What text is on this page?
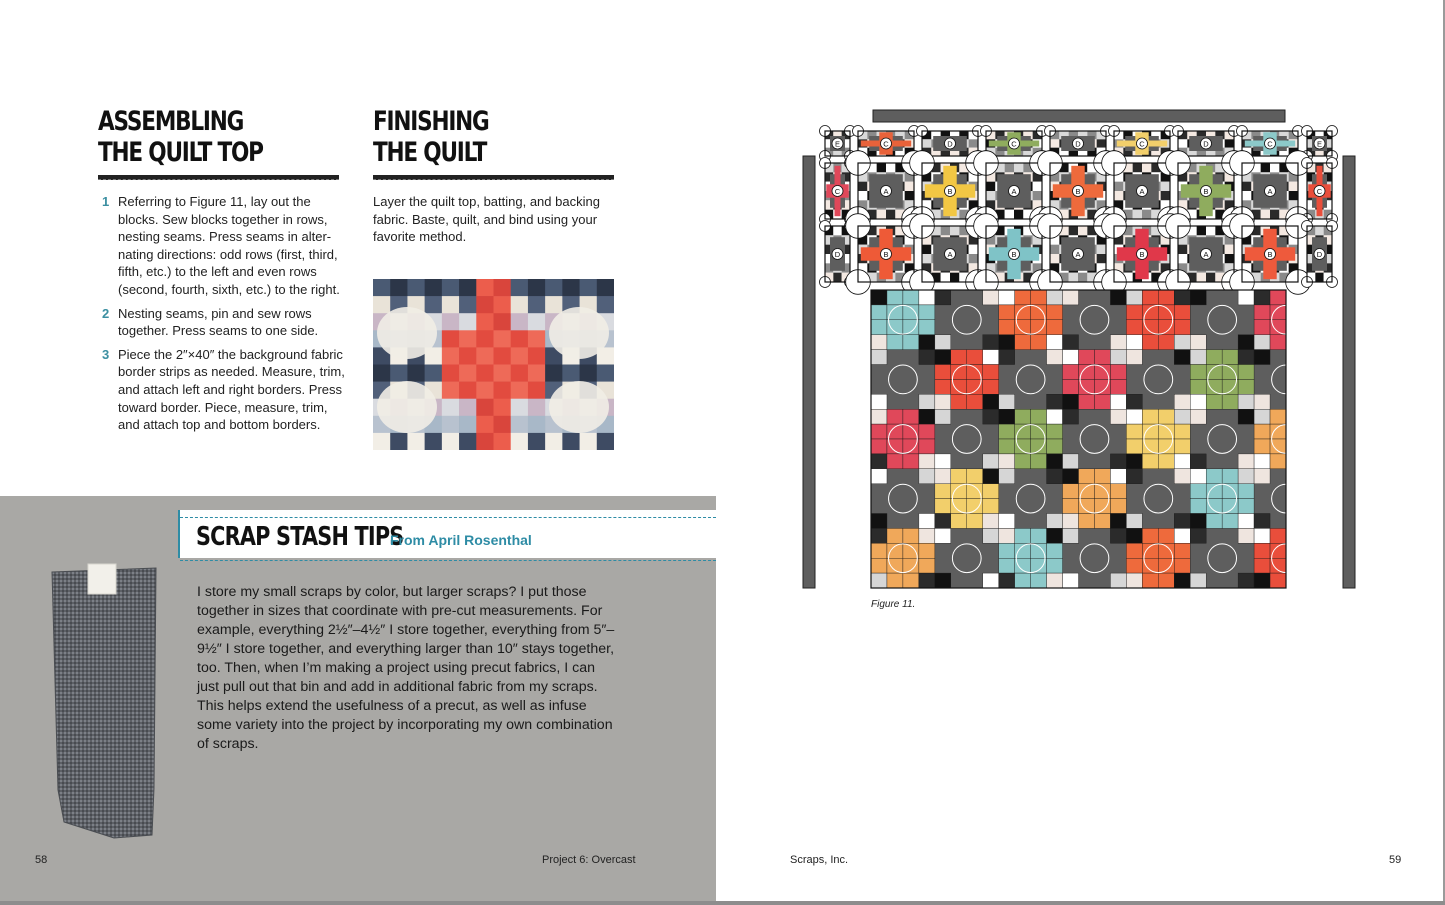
ASSEMBLING
THE QUILT TOP
1 Referring to Figure 11, lay out the blocks. Sew blocks together in rows, nesting seams. Press seams in alter-nating directions: odd rows (first, third, fifth, etc.) to the left and even rows (second, fourth, sixth, etc.) to the right.
2 Nesting seams, pin and sew rows together. Press seams to one side.
3 Piece the 2″×40″ the background fabric border strips as needed. Measure, trim, and attach left and right borders. Press toward border. Piece, measure, trim, and attach top and bottom borders.
FINISHING
THE QUILT
Layer the quilt top, batting, and backing fabric. Baste, quilt, and bind using your favorite method.
SCRAP STASH TIPS
From April Rosenthal
I store my small scraps by color, but larger scraps? I put those together in sizes that coordinate with pre-cut measurements. For example, everything 2½″–4½″ I store together, everything from 5″–9½″ I store together, and everything larger than 10″ stays together, too. Then, when I’m making a project using precut fabrics, I can just pull out that bin and add in additional fabric from my scraps. This helps extend the usefulness of a precut, as well as infuse some variety into the project by incorporating my own combination of scraps.
58	Project 6: Overcast	Scraps, Inc.	59
E	C	D	C	D	C	D	C	E
C	A	B	A	B	A	B	A	C
D	B	A	B	A	B	A	B	D
Figure 11.
